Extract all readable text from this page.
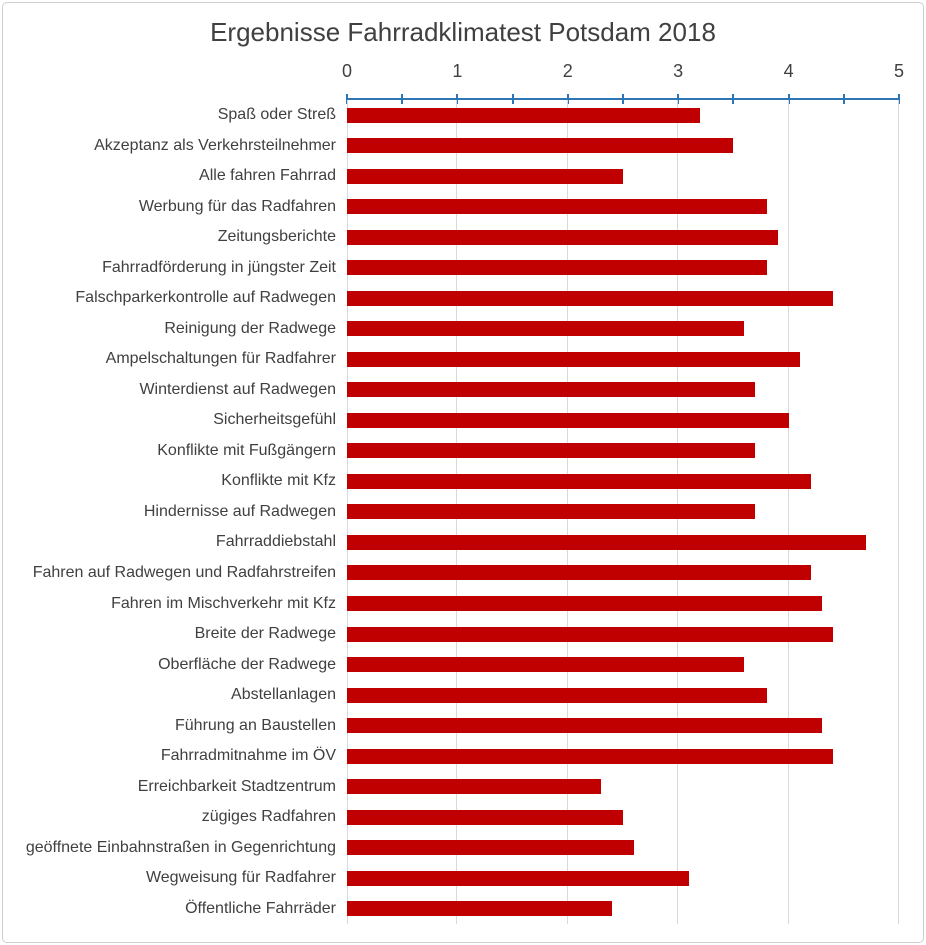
Ergebnisse Fahrradklimatest Potsdam 2018
0	1	2	3	4	5
Spaß oder Streß
Akzeptanz als Verkehrsteilnehmer
Alle fahren Fahrrad
Werbung für das Radfahren
Zeitungsberichte
Fahrradförderung in jüngster Zeit
Falschparkerkontrolle auf Radwegen
Reinigung der Radwege
Ampelschaltungen für Radfahrer
Winterdienst auf Radwegen
Sicherheitsgefühl
Konflikte mit Fußgängern
Konflikte mit Kfz
Hindernisse auf Radwegen
Fahrraddiebstahl
Fahren auf Radwegen und Radfahrstreifen
Fahren im Mischverkehr mit Kfz
Breite der Radwege
Oberfläche der Radwege
Abstellanlagen
Führung an Baustellen
Fahrradmitnahme im ÖV
Erreichbarkeit Stadtzentrum
zügiges Radfahren
geöffnete Einbahnstraßen in Gegenrichtung
Wegweisung für Radfahrer
Öffentliche Fahrräder
